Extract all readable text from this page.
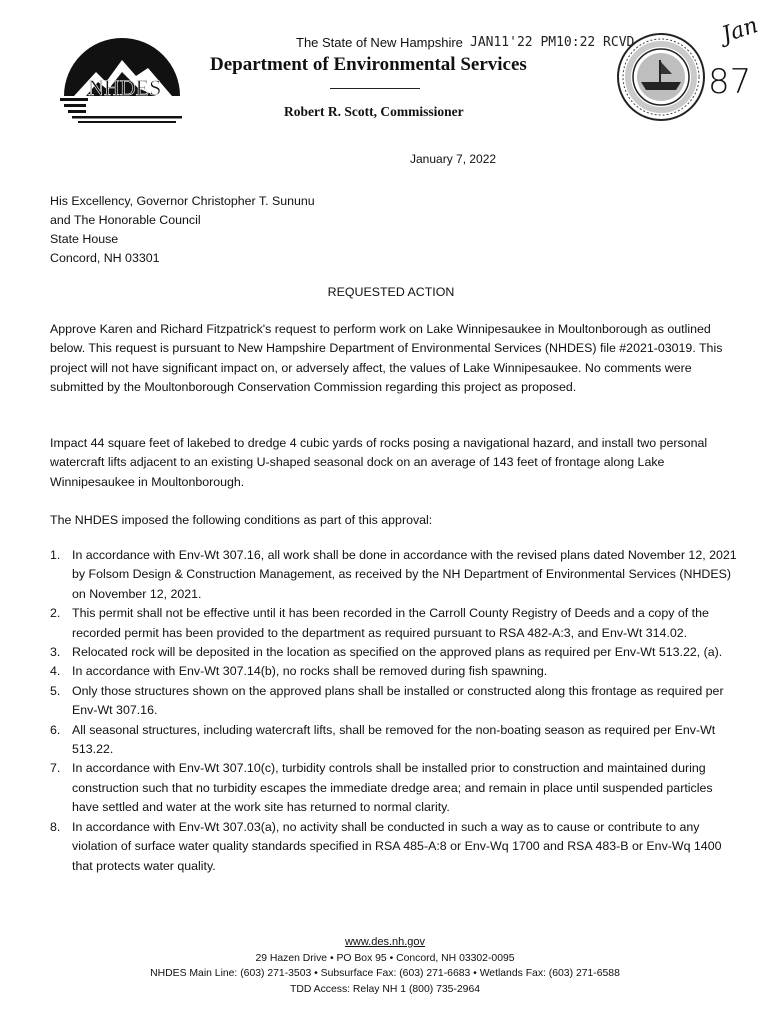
NHDES
The State of New Hampshire JAN11'22 PM10:22 RCVD
Department of Environmental Services
Robert R. Scott, Commissioner
Jan
87
January 7, 2022
His Excellency, Governor Christopher T. Sununu
and The Honorable Council
State House
Concord, NH 03301
REQUESTED ACTION
Approve Karen and Richard Fitzpatrick's request to perform work on Lake Winnipesaukee in Moultonborough as outlined below. This request is pursuant to New Hampshire Department of Environmental Services (NHDES) file #2021-03019. This project will not have significant impact on, or adversely affect, the values of Lake Winnipesaukee. No comments were submitted by the Moultonborough Conservation Commission regarding this project as proposed.
Impact 44 square feet of lakebed to dredge 4 cubic yards of rocks posing a navigational hazard, and install two personal watercraft lifts adjacent to an existing U-shaped seasonal dock on an average of 143 feet of frontage along Lake Winnipesaukee in Moultonborough.
The NHDES imposed the following conditions as part of this approval:
1. In accordance with Env-Wt 307.16, all work shall be done in accordance with the revised plans dated November 12, 2021 by Folsom Design & Construction Management, as received by the NH Department of Environmental Services (NHDES) on November 12, 2021.
2. This permit shall not be effective until it has been recorded in the Carroll County Registry of Deeds and a copy of the recorded permit has been provided to the department as required pursuant to RSA 482-A:3, and Env-Wt 314.02.
3. Relocated rock will be deposited in the location as specified on the approved plans as required per Env-Wt 513.22, (a).
4. In accordance with Env-Wt 307.14(b), no rocks shall be removed during fish spawning.
5. Only those structures shown on the approved plans shall be installed or constructed along this frontage as required per Env-Wt 307.16.
6. All seasonal structures, including watercraft lifts, shall be removed for the non-boating season as required per Env-Wt 513.22.
7. In accordance with Env-Wt 307.10(c), turbidity controls shall be installed prior to construction and maintained during construction such that no turbidity escapes the immediate dredge area; and remain in place until suspended particles have settled and water at the work site has returned to normal clarity.
8. In accordance with Env-Wt 307.03(a), no activity shall be conducted in such a way as to cause or contribute to any violation of surface water quality standards specified in RSA 485-A:8 or Env-Wq 1700 and RSA 483-B or Env-Wq 1400 that protects water quality.
www.des.nh.gov
29 Hazen Drive • PO Box 95 • Concord, NH 03302-0095
NHDES Main Line: (603) 271-3503 • Subsurface Fax: (603) 271-6683 • Wetlands Fax: (603) 271-6588
TDD Access: Relay NH 1 (800) 735-2964
